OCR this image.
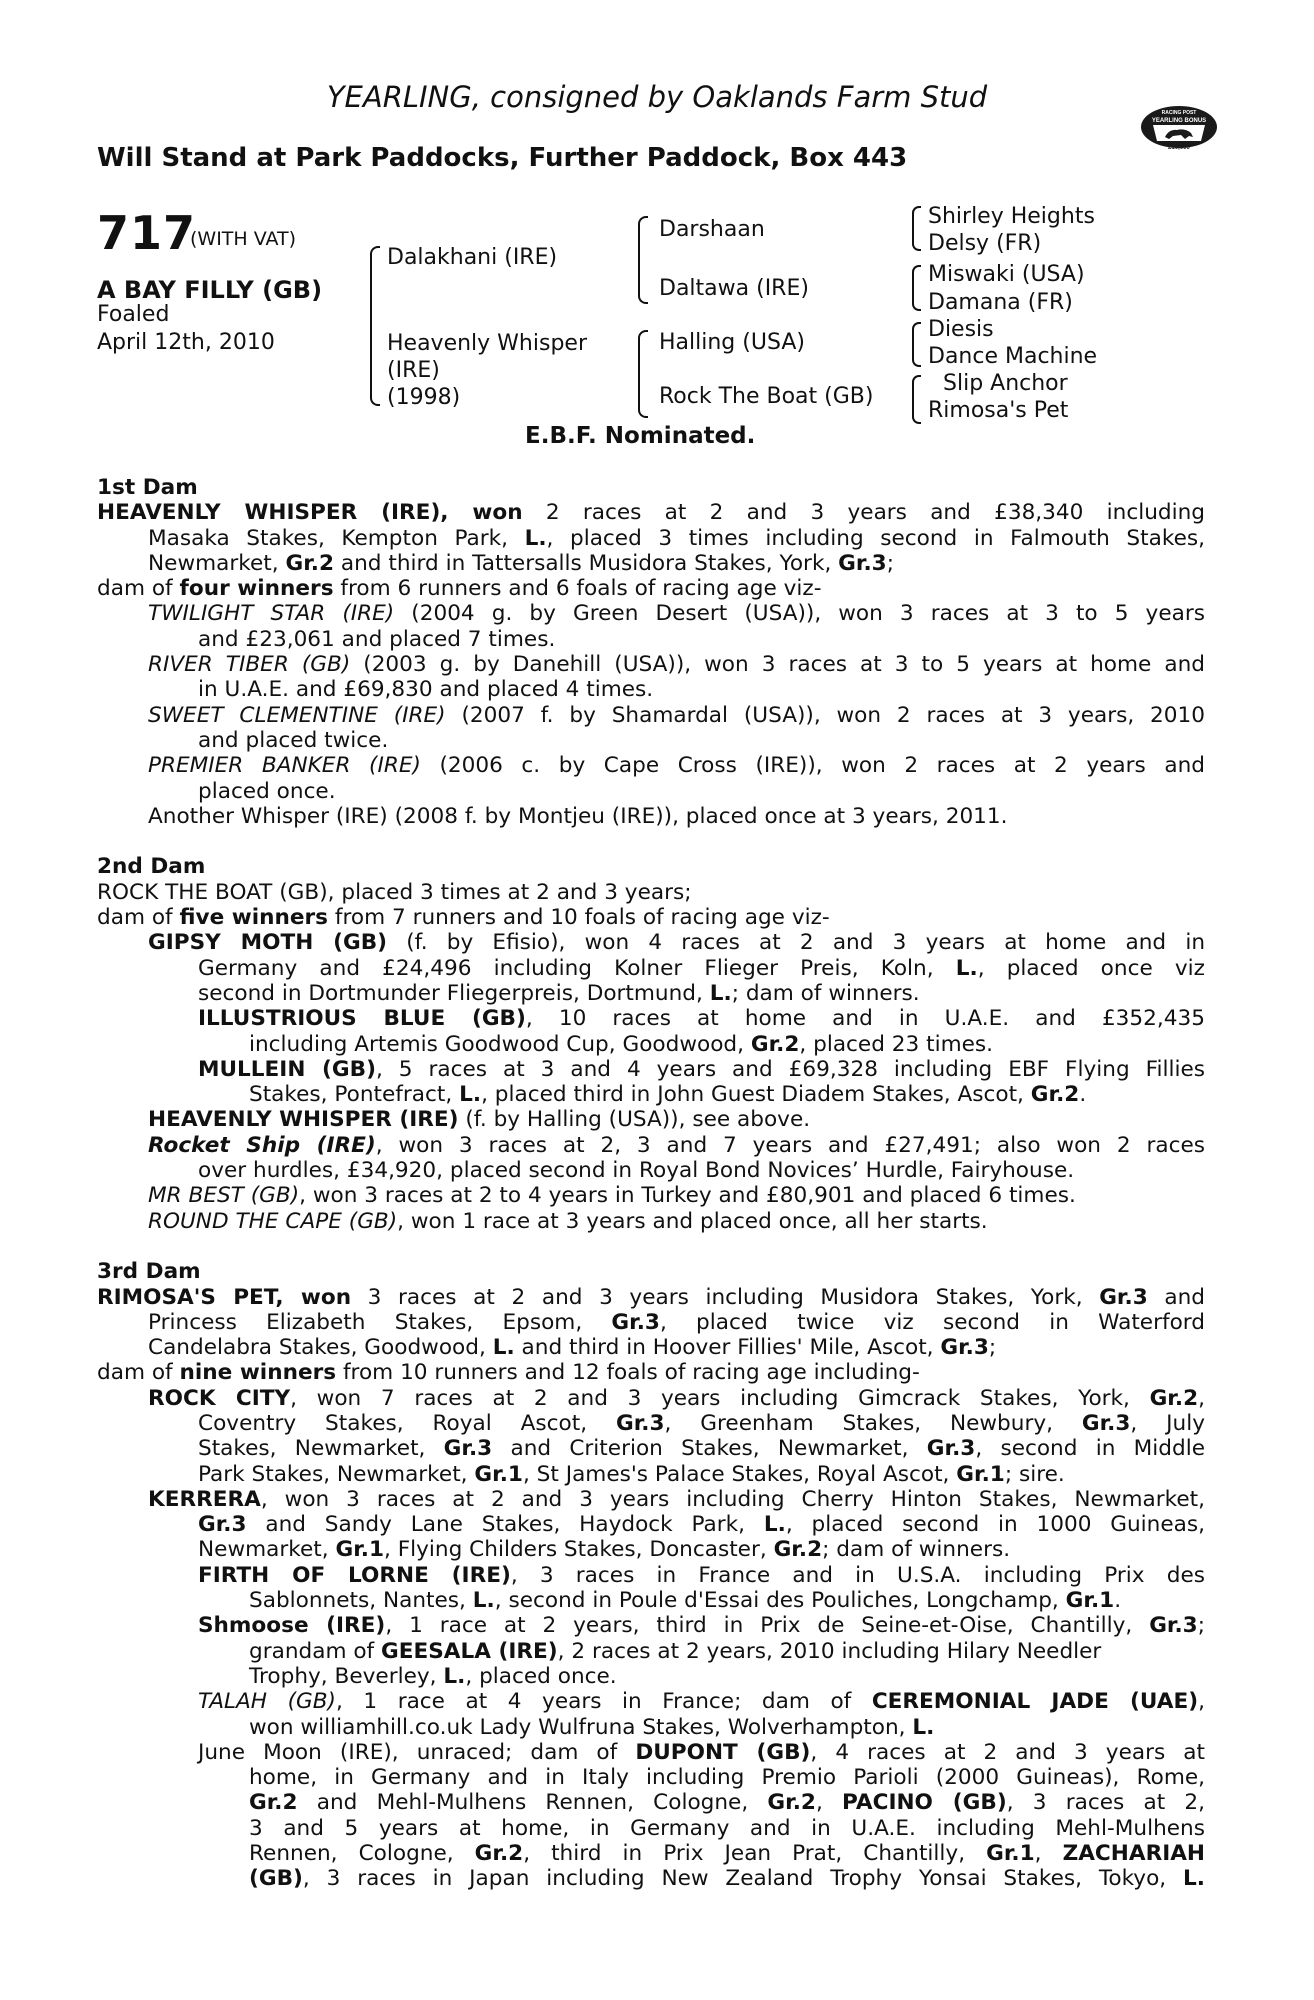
YEARLING, consigned by Oaklands Farm Stud
Will Stand at Park Paddocks, Further Paddock, Box 443
RACING POST
YEARLING BONUS
£10,000
717
(WITH VAT)
A BAY FILLY (GB)
Foaled
April 12th, 2010
Dalakhani (IRE)
Heavenly Whisper
(IRE)
(1998)
Darshaan
Daltawa (IRE)
Halling (USA)
Rock The Boat (GB)
Shirley Heights
Delsy (FR)
Miswaki (USA)
Damana (FR)
Diesis
Dance Machine
Slip Anchor
Rimosa's Pet
E.B.F. Nominated.
1st Dam
HEAVENLY WHISPER (IRE), won 2 races at 2 and 3 years and £38,340 including
Masaka Stakes, Kempton Park, L., placed 3 times including second in Falmouth Stakes,
Newmarket, Gr.2 and third in Tattersalls Musidora Stakes, York, Gr.3;
dam of four winners from 6 runners and 6 foals of racing age viz-
TWILIGHT STAR (IRE) (2004 g. by Green Desert (USA)), won 3 races at 3 to 5 years
and £23,061 and placed 7 times.
RIVER TIBER (GB) (2003 g. by Danehill (USA)), won 3 races at 3 to 5 years at home and
in U.A.E. and £69,830 and placed 4 times.
SWEET CLEMENTINE (IRE) (2007 f. by Shamardal (USA)), won 2 races at 3 years, 2010
and placed twice.
PREMIER BANKER (IRE) (2006 c. by Cape Cross (IRE)), won 2 races at 2 years and
placed once.
Another Whisper (IRE) (2008 f. by Montjeu (IRE)), placed once at 3 years, 2011.
2nd Dam
ROCK THE BOAT (GB), placed 3 times at 2 and 3 years;
dam of five winners from 7 runners and 10 foals of racing age viz-
GIPSY MOTH (GB) (f. by Efisio), won 4 races at 2 and 3 years at home and in
Germany and £24,496 including Kolner Flieger Preis, Koln, L., placed once viz
second in Dortmunder Fliegerpreis, Dortmund, L.; dam of winners.
ILLUSTRIOUS BLUE (GB), 10 races at home and in U.A.E. and £352,435
including Artemis Goodwood Cup, Goodwood, Gr.2, placed 23 times.
MULLEIN (GB), 5 races at 3 and 4 years and £69,328 including EBF Flying Fillies
Stakes, Pontefract, L., placed third in John Guest Diadem Stakes, Ascot, Gr.2.
HEAVENLY WHISPER (IRE) (f. by Halling (USA)), see above.
Rocket Ship (IRE), won 3 races at 2, 3 and 7 years and £27,491; also won 2 races
over hurdles, £34,920, placed second in Royal Bond Novices’ Hurdle, Fairyhouse.
MR BEST (GB), won 3 races at 2 to 4 years in Turkey and £80,901 and placed 6 times.
ROUND THE CAPE (GB), won 1 race at 3 years and placed once, all her starts.
3rd Dam
RIMOSA'S PET, won 3 races at 2 and 3 years including Musidora Stakes, York, Gr.3 and
Princess Elizabeth Stakes, Epsom, Gr.3, placed twice viz second in Waterford
Candelabra Stakes, Goodwood, L. and third in Hoover Fillies' Mile, Ascot, Gr.3;
dam of nine winners from 10 runners and 12 foals of racing age including-
ROCK CITY, won 7 races at 2 and 3 years including Gimcrack Stakes, York, Gr.2,
Coventry Stakes, Royal Ascot, Gr.3, Greenham Stakes, Newbury, Gr.3, July
Stakes, Newmarket, Gr.3 and Criterion Stakes, Newmarket, Gr.3, second in Middle
Park Stakes, Newmarket, Gr.1, St James's Palace Stakes, Royal Ascot, Gr.1; sire.
KERRERA, won 3 races at 2 and 3 years including Cherry Hinton Stakes, Newmarket,
Gr.3 and Sandy Lane Stakes, Haydock Park, L., placed second in 1000 Guineas,
Newmarket, Gr.1, Flying Childers Stakes, Doncaster, Gr.2; dam of winners.
FIRTH OF LORNE (IRE), 3 races in France and in U.S.A. including Prix des
Sablonnets, Nantes, L., second in Poule d'Essai des Pouliches, Longchamp, Gr.1.
Shmoose (IRE), 1 race at 2 years, third in Prix de Seine-et-Oise, Chantilly, Gr.3;
grandam of GEESALA (IRE), 2 races at 2 years, 2010 including Hilary Needler
Trophy, Beverley, L., placed once.
TALAH (GB), 1 race at 4 years in France; dam of CEREMONIAL JADE (UAE),
won williamhill.co.uk Lady Wulfruna Stakes, Wolverhampton, L.
June Moon (IRE), unraced; dam of DUPONT (GB), 4 races at 2 and 3 years at
home, in Germany and in Italy including Premio Parioli (2000 Guineas), Rome,
Gr.2 and Mehl-Mulhens Rennen, Cologne, Gr.2, PACINO (GB), 3 races at 2,
3 and 5 years at home, in Germany and in U.A.E. including Mehl-Mulhens
Rennen, Cologne, Gr.2, third in Prix Jean Prat, Chantilly, Gr.1, ZACHARIAH
(GB), 3 races in Japan including New Zealand Trophy Yonsai Stakes, Tokyo, L.
